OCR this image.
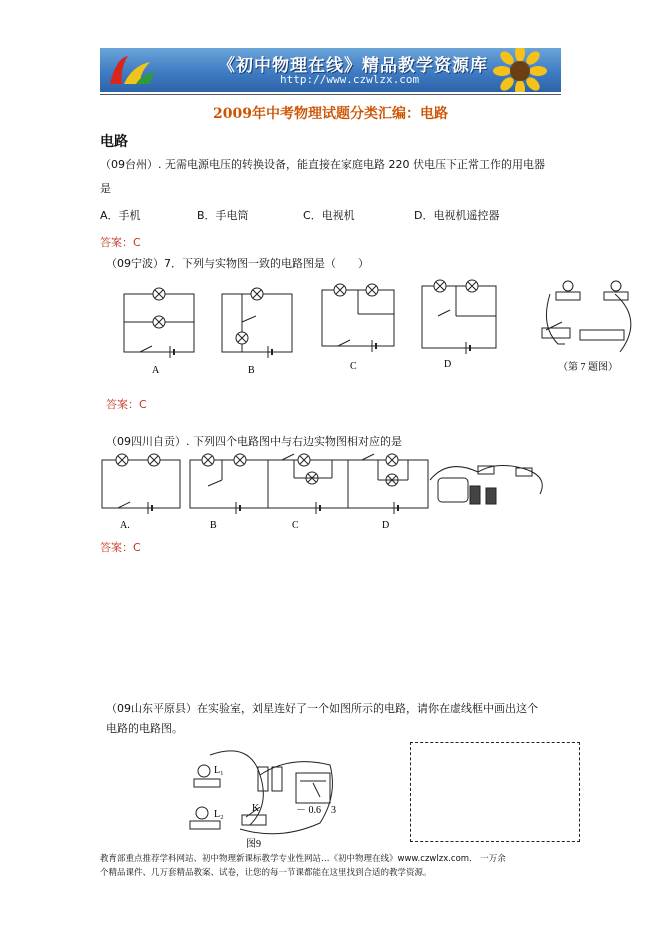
《初中物理在线》精品教学资源库
http://www.czwlzx.com
2009年中考物理试题分类汇编：电路
电路
（09台州）. 无需电源电压的转换设备，能直接在家庭电路 220 伏电压下正常工作的用电器
是
A．手机	B．手电筒	C．电视机	D．电视机遥控器
答案：C
（09宁波）7．下列与实物图一致的电路图是（　　）
A	B	C	D	（第 7 题图）
答案：C
（09四川自贡）. 下列四个电路图中与右边实物图相对应的是
A.	B	C	D
答案：C
（09山东平原县）在实验室，刘星连好了一个如图所示的电路，请你在虚线框中画出这个
电路的电路图。
L₁
L₂
K	－ 0.6　3
图9
教育部重点推荐学科网站、初中物理新课标教学专业性网站…《初中物理在线》www.czwlzx.com． 一万余
个精品课件、几万套精品教案、试卷，让您的每一节课都能在这里找到合适的教学资源。
